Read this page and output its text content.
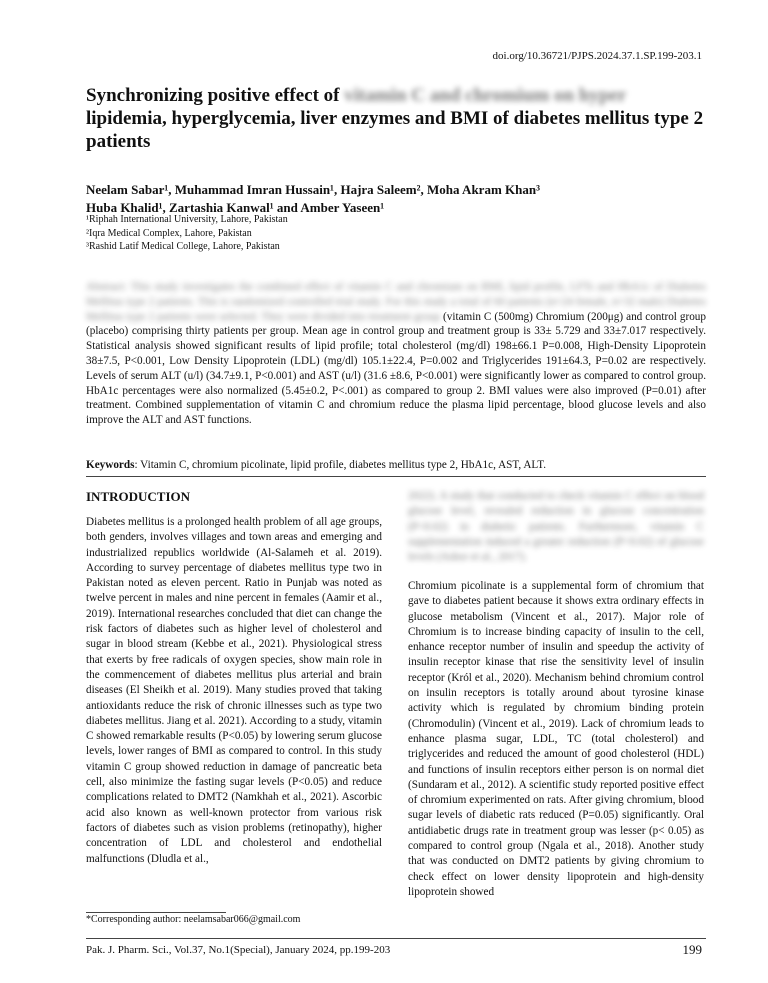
doi.org/10.36721/PJPS.2024.37.1.SP.199-203.1
Synchronizing positive effect of vitamin C and chromium on hyper lipidemia, hyperglycemia, liver enzymes and BMI of diabetes mellitus type 2 patients
Neelam Sabar¹, Muhammad Imran Hussain¹, Hajra Saleem², Moha Akram Khan³
Huba Khalid¹, Zartashia Kanwal¹ and Amber Yaseen¹
¹Riphah International University, Lahore, Pakistan
²Iqra Medical Complex, Lahore, Pakistan
³Rashid Latif Medical College, Lahore, Pakistan
Abstract: This study investigates the combined effect of vitamin C and chromium on BMI, lipid profile, LFTs and HbA1c of Diabetes Mellitus type 2 patients. This is randomized controlled trial study. For this study a total of 60 patients (n=24 female, n=32 male) Diabetes Mellitus type 2 patients were selected. They were divided into treatment group (vitamin C (500mg) Chromium (200μg) and control group (placebo) comprising thirty patients per group. Mean age in control group and treatment group is 33± 5.729 and 33±7.017 respectively. Statistical analysis showed significant results of lipid profile; total cholesterol (mg/dl) 198±66.1 P=0.008, High-Density Lipoprotein 38±7.5, P<0.001, Low Density Lipoprotein (LDL) (mg/dl) 105.1±22.4, P=0.002 and Triglycerides 191±64.3, P=0.02 are respectively. Levels of serum ALT (u/l) (34.7±9.1, P<0.001) and AST (u/l) (31.6 ±8.6, P<0.001) were significantly lower as compared to control group. HbA1c percentages were also normalized (5.45±0.2, P<.001) as compared to group 2. BMI values were also improved (P=0.01) after treatment. Combined supplementation of vitamin C and chromium reduce the plasma lipid percentage, blood glucose levels and also improve the ALT and AST functions.
Keywords: Vitamin C, chromium picolinate, lipid profile, diabetes mellitus type 2, HbA1c, AST, ALT.
INTRODUCTION

Diabetes mellitus is a prolonged health problem of all age groups, both genders, involves villages and town areas and emerging and industrialized republics worldwide (Al-Salameh et al. 2019). According to survey percentage of diabetes mellitus type two in Pakistan noted as eleven percent. Ratio in Punjab was noted as twelve percent in males and nine percent in females (Aamir et al., 2019). International researches concluded that diet can change the risk factors of diabetes such as higher level of cholesterol and sugar in blood stream (Kebbe et al., 2021). Physiological stress that exerts by free radicals of oxygen species, show main role in the commencement of diabetes mellitus plus arterial and brain diseases (El Sheikh et al. 2019). Many studies proved that taking antioxidants reduce the risk of chronic illnesses such as type two diabetes mellitus. Jiang et al. 2021). According to a study, vitamin C showed remarkable results (P<0.05) by lowering serum glucose levels, lower ranges of BMI as compared to control. In this study vitamin C group showed reduction in damage of pancreatic beta cell, also minimize the fasting sugar levels (P<0.05) and reduce complications related to DMT2 (Namkhah et al., 2021). Ascorbic acid also known as well-known protector from various risk factors of diabetes such as vision problems (retinopathy), higher concentration of LDL and cholesterol and endothelial malfunctions (Dludla et al.,

2022). A study that conducted to check vitamin C effect on blood glucose level, revealed reduction in glucose concentration (P<0.02) in diabetic patients. Furthermore, vitamin C supplementation induced a greater reduction (P<0.02) of glucose levels (Ashor et al., 2017).

Chromium picolinate is a supplemental form of chromium that gave to diabetes patient because it shows extra ordinary effects in glucose metabolism (Vincent et al., 2017). Major role of Chromium is to increase binding capacity of insulin to the cell, enhance receptor number of insulin and speedup the activity of insulin receptor kinase that rise the sensitivity level of insulin receptor (Król et al., 2020). Mechanism behind chromium control on insulin receptors is totally around about tyrosine kinase activity which is regulated by chromium binding protein (Chromodulin) (Vincent et al., 2019). Lack of chromium leads to enhance plasma sugar, LDL, TC (total cholesterol) and triglycerides and reduced the amount of good cholesterol (HDL) and functions of insulin receptors either person is on normal diet (Sundaram et al., 2012). A scientific study reported positive effect of chromium experimented on rats. After giving chromium, blood sugar levels of diabetic rats reduced (P=0.05) significantly. Oral antidiabetic drugs rate in treatment group was lesser (p< 0.05) as compared to control group (Ngala et al., 2018). Another study that was conducted on DMT2 patients by giving chromium to check effect on lower density lipoprotein and high-density lipoprotein showed

*Corresponding author: neelamsabar066@gmail.com
Pak. J. Pharm. Sci., Vol.37, No.1(Special), January 2024, pp.199-203	199
